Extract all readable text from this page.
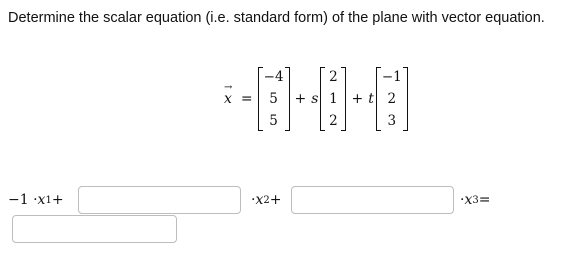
Determine the scalar equation (i.e. standard form) of the plane with vector equation.
→
x =
−4
5
5
+ s
2
1
2
+ t
−1
2
3
−1 · x 1 +	· x 2 +	· x 3 =
